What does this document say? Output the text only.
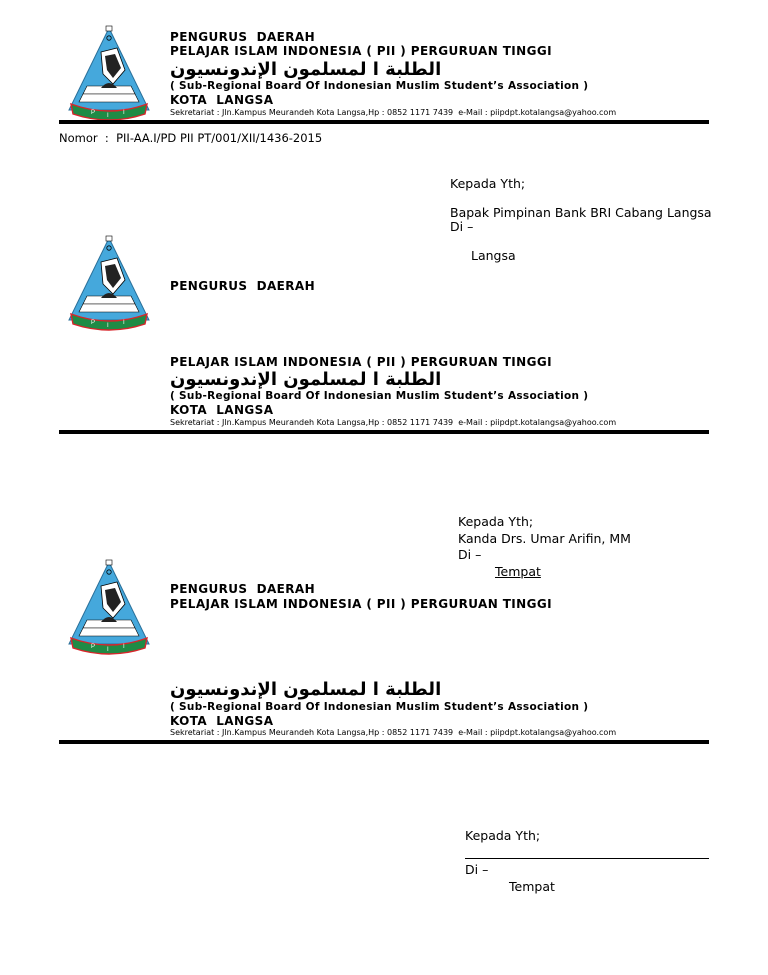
P I I
PENGURUS  DAERAH
PELAJAR ISLAM INDONESIA ( PII ) PERGURUAN TINGGI
الطلبة ا لمسلمون الإندونسيون
( Sub-Regional Board Of Indonesian Muslim Student’s Association )
KOTA  LANGSA
Sekretariat : Jln.Kampus Meurandeh Kota Langsa,Hp : 0852 1171 7439  e-Mail : piipdpt.kotalangsa@yahoo.com
Nomor : PII-AA.I/PD PII PT/001/XII/1436-2015
Kepada Yth;
Bapak Pimpinan Bank BRI Cabang Langsa
Di –
Langsa
P I I
PENGURUS  DAERAH
PELAJAR ISLAM INDONESIA ( PII ) PERGURUAN TINGGI
الطلبة ا لمسلمون الإندونسيون
( Sub-Regional Board Of Indonesian Muslim Student’s Association )
KOTA  LANGSA
Sekretariat : Jln.Kampus Meurandeh Kota Langsa,Hp : 0852 1171 7439  e-Mail : piipdpt.kotalangsa@yahoo.com
Kepada Yth;
Kanda Drs. Umar Arifin, MM
Di –
Tempat
P I I
PENGURUS  DAERAH
PELAJAR ISLAM INDONESIA ( PII ) PERGURUAN TINGGI
الطلبة ا لمسلمون الإندونسيون
( Sub-Regional Board Of Indonesian Muslim Student’s Association )
KOTA  LANGSA
Sekretariat : Jln.Kampus Meurandeh Kota Langsa,Hp : 0852 1171 7439  e-Mail : piipdpt.kotalangsa@yahoo.com
Kepada Yth;
Di –
Tempat
